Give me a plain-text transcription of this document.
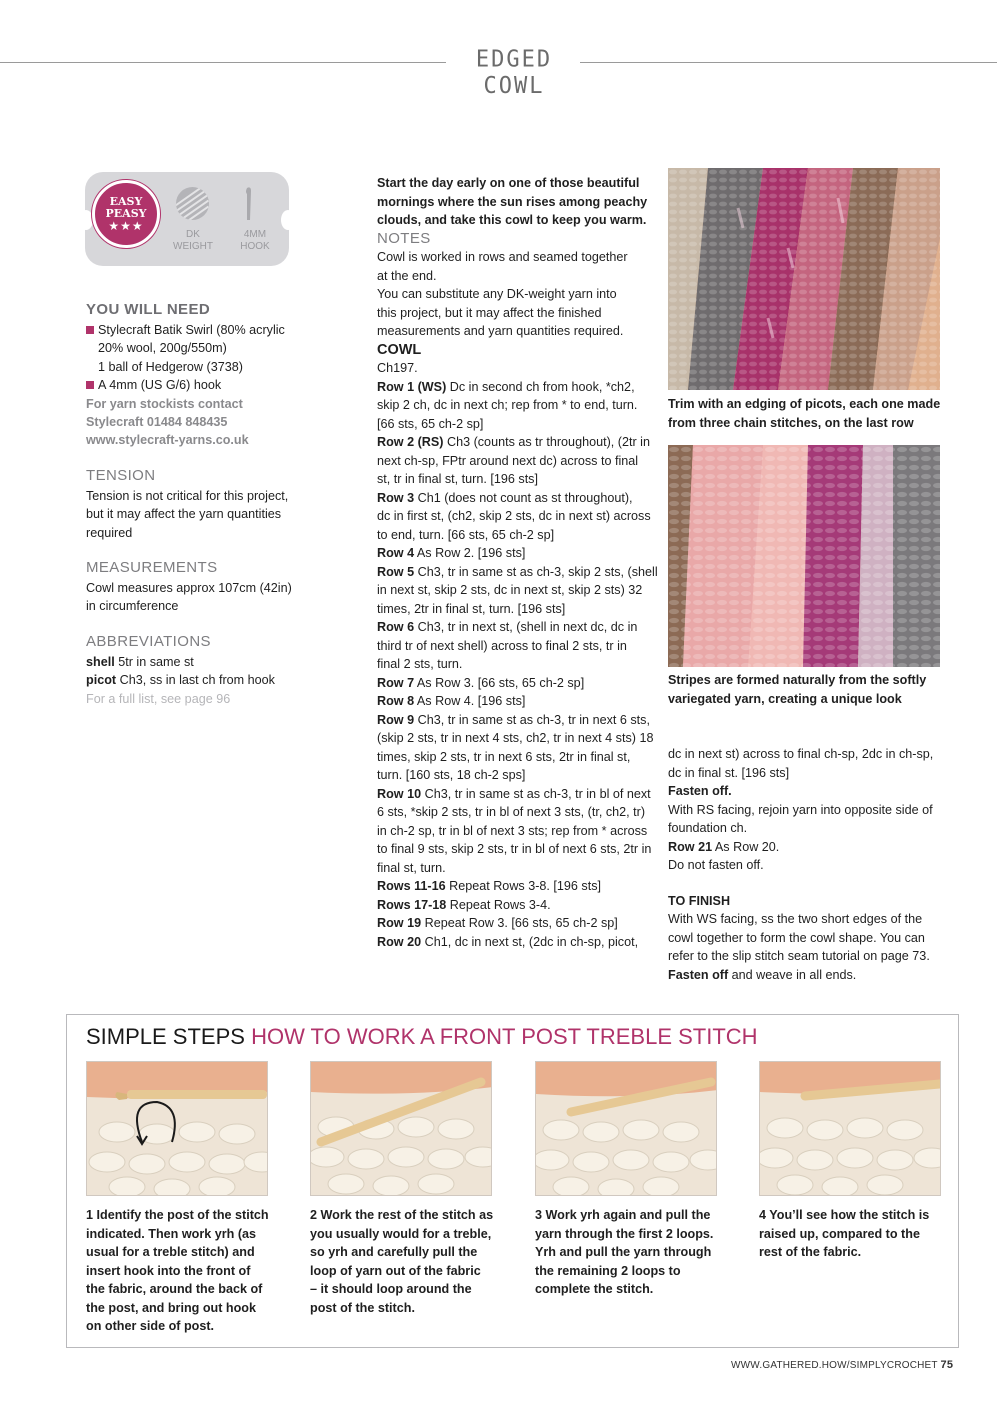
EDGED COWL
EASY
PEASY
★★★
DK
WEIGHT
4MM
HOOK
YOU WILL NEED
Stylecraft Batik Swirl (80% acrylic
20% wool, 200g/550m)
1 ball of Hedgerow (3738)
A 4mm (US G/6) hook
For yarn stockists contact
Stylecraft 01484 848435
www.stylecraft-yarns.co.uk
TENSION
Tension is not critical for this project,
but it may affect the yarn quantities
required
MEASUREMENTS
Cowl measures approx 107cm (42in)
in circumference
ABBREVIATIONS
shell 5tr in same st
picot Ch3, ss in last ch from hook
For a full list, see page 96

Start the day early on one of those beautiful

mornings where the sun rises among peachy

clouds, and take this cowl to keep you warm.

NOTES

Cowl is worked in rows and seamed together

at the end.

You can substitute any DK-weight yarn into

this project, but it may affect the finished

measurements and yarn quantities required.

COWL

Ch197.

Row 1 (WS) Dc in second ch from hook, *ch2,

skip 2 ch, dc in next ch; rep from * to end, turn.

[66 sts, 65 ch-2 sp]

Row 2 (RS) Ch3 (counts as tr throughout), (2tr in

next ch-sp, FPtr around next dc) across to final

st, tr in final st, turn. [196 sts]

Row 3 Ch1 (does not count as st throughout),

dc in first st, (ch2, skip 2 sts, dc in next st) across

to end, turn. [66 sts, 65 ch-2 sp]

Row 4 As Row 2. [196 sts]

Row 5 Ch3, tr in same st as ch-3, skip 2 sts, (shell

in next st, skip 2 sts, dc in next st, skip 2 sts) 32

times, 2tr in final st, turn. [196 sts]

Row 6 Ch3, tr in next st, (shell in next dc, dc in

third tr of next shell) across to final 2 sts, tr in

final 2 sts, turn.

Row 7 As Row 3. [66 sts, 65 ch-2 sp]

Row 8 As Row 4. [196 sts]

Row 9 Ch3, tr in same st as ch-3, tr in next 6 sts,

(skip 2 sts, tr in next 4 sts, ch2, tr in next 4 sts) 18

times, skip 2 sts, tr in next 6 sts, 2tr in final st,

turn. [160 sts, 18 ch-2 sps]

Row 10 Ch3, tr in same st as ch-3, tr in bl of next

6 sts, *skip 2 sts, tr in bl of next 3 sts, (tr, ch2, tr)

in ch-2 sp, tr in bl of next 3 sts; rep from * across

to final 9 sts, skip 2 sts, tr in bl of next 6 sts, 2tr in

final st, turn.

Rows 11-16 Repeat Rows 3-8. [196 sts]

Rows 17-18 Repeat Rows 3-4.

Row 19 Repeat Row 3. [66 sts, 65 ch-2 sp]

Row 20 Ch1, dc in next st, (2dc in ch-sp, picot,

dc in next st) across to final ch-sp, 2dc in ch-sp,

dc in final st. [196 sts]

Fasten off.

With RS facing, rejoin yarn into opposite side of

foundation ch.

Row 21 As Row 20.

Do not fasten off.

TO FINISH

With WS facing, ss the two short edges of the

cowl together to form the cowl shape. You can

refer to the slip stitch seam tutorial on page 73.

Fasten off and weave in all ends.

Trim with an edging of picots, each one made
from three chain stitches, on the last row
Stripes are formed naturally from the softly
variegated yarn, creating a unique look
SIMPLE STEPS HOW TO WORK A FRONT POST TREBLE STITCH
1 Identify the post of the stitch
indicated. Then work yrh (as
usual for a treble stitch) and
insert hook into the front of
the fabric, around the back of
the post, and bring out hook
on other side of post.
2 Work the rest of the stitch as
you usually would for a treble,
so yrh and carefully pull the
loop of yarn out of the fabric
– it should loop around the
post of the stitch.
3 Work yrh again and pull the
yarn through the first 2 loops.
Yrh and pull the yarn through
the remaining 2 loops to
complete the stitch.
4 You’ll see how the stitch is
raised up, compared to the
rest of the fabric.
WWW.GATHERED.HOW/SIMPLYCROCHET 75
